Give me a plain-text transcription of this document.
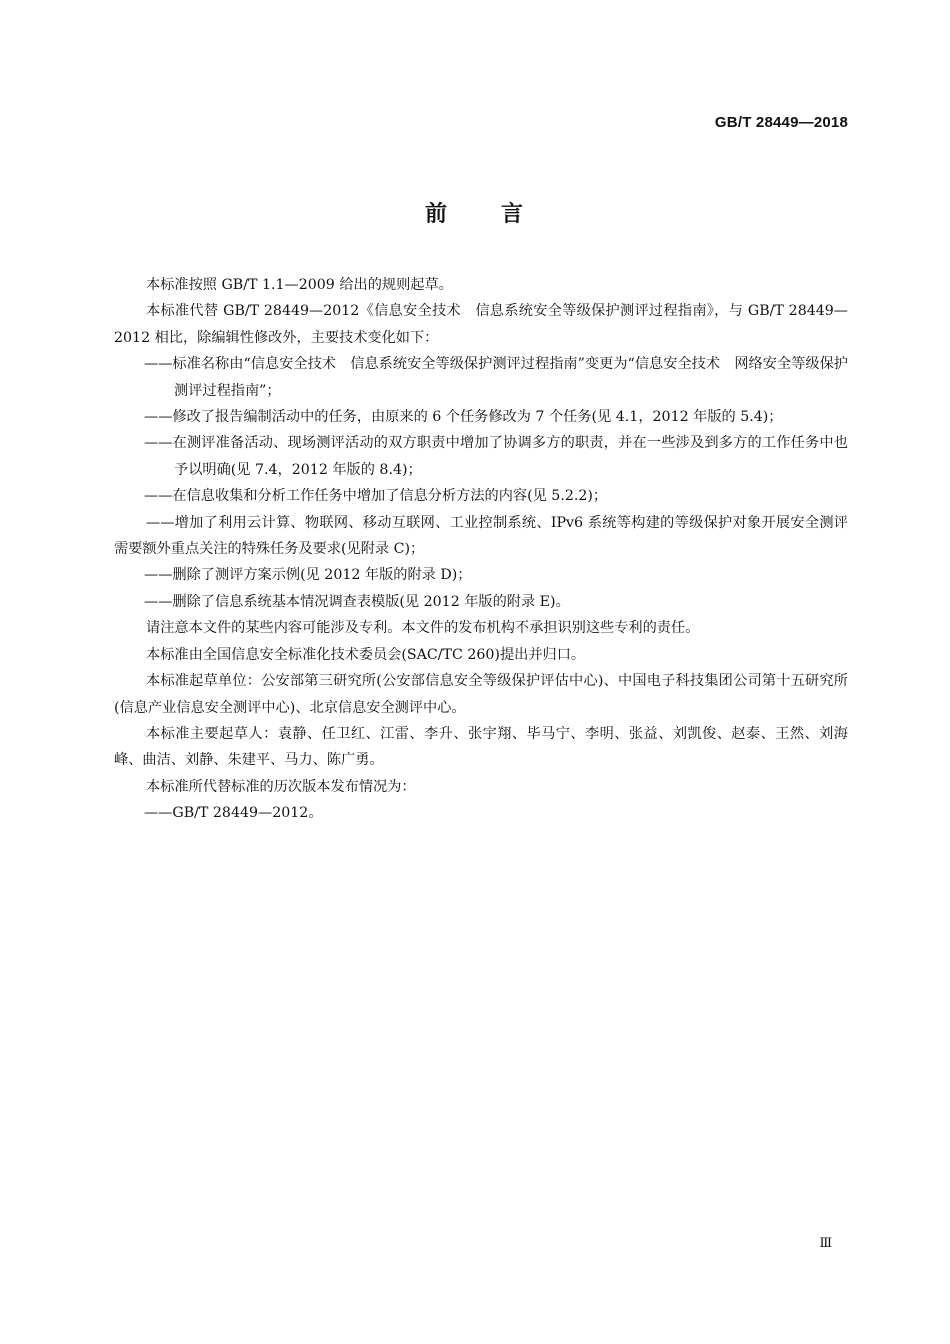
GB/T 28449—2018
前 言

本标准按照 GB/T 1.1—2009 给出的规则起草。

本标准代替 GB/T 28449—2012《信息安全技术　信息系统安全等级保护测评过程指南》，与 GB/T 28449—2012 相比，除编辑性修改外，主要技术变化如下：

——标准名称由“信息安全技术　信息系统安全等级保护测评过程指南”变更为“信息安全技术　网络安全等级保护测评过程指南”；

——修改了报告编制活动中的任务，由原来的 6 个任务修改为 7 个任务(见 4.1，2012 年版的 5.4)；

——在测评准备活动、现场测评活动的双方职责中增加了协调多方的职责，并在一些涉及到多方的工作任务中也予以明确(见 7.4，2012 年版的 8.4)；

——在信息收集和分析工作任务中增加了信息分析方法的内容(见 5.2.2)；

——增加了利用云计算、物联网、移动互联网、工业控制系统、IPv6 系统等构建的等级保护对象开展安全测评需要额外重点关注的特殊任务及要求(见附录 C)；

——删除了测评方案示例(见 2012 年版的附录 D)；

——删除了信息系统基本情况调查表模版(见 2012 年版的附录 E)。

请注意本文件的某些内容可能涉及专利。本文件的发布机构不承担识别这些专利的责任。

本标准由全国信息安全标准化技术委员会(SAC/TC 260)提出并归口。

本标准起草单位：公安部第三研究所(公安部信息安全等级保护评估中心)、中国电子科技集团公司第十五研究所(信息产业信息安全测评中心)、北京信息安全测评中心。

本标准主要起草人：袁静、任卫红、江雷、李升、张宇翔、毕马宁、李明、张益、刘凯俊、赵泰、王然、刘海峰、曲洁、刘静、朱建平、马力、陈广勇。

本标准所代替标准的历次版本发布情况为：

——GB/T 28449—2012。

Ⅲ
